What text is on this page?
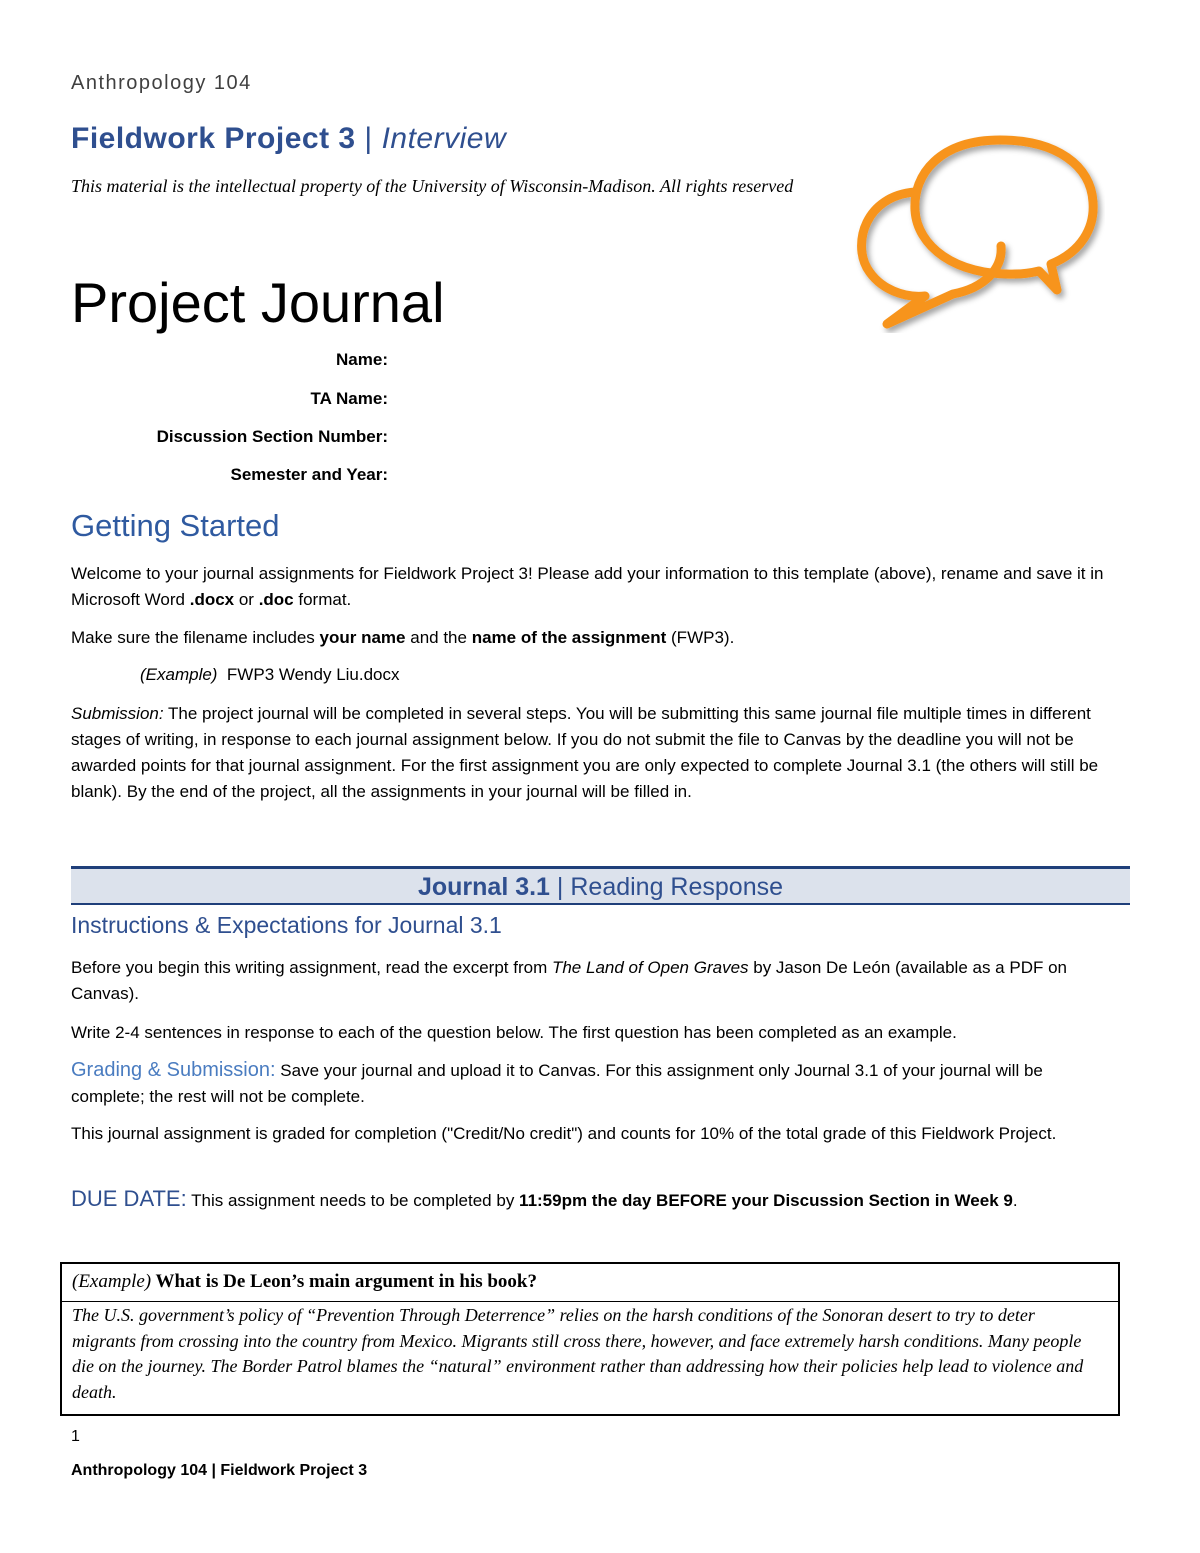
Anthropology 104
Fieldwork Project 3 | Interview
This material is the intellectual property of the University of Wisconsin-Madison. All rights reserved
Project Journal
Name:
TA Name:
Discussion Section Number:
Semester and Year:
Getting Started
Welcome to your journal assignments for Fieldwork Project 3! Please add your information to this template (above), rename and save it in Microsoft Word .docx or .doc format.
Make sure the filename includes your name and the name of the assignment (FWP3).
(Example) FWP3 Wendy Liu.docx
Submission: The project journal will be completed in several steps. You will be submitting this same journal file multiple times in different stages of writing, in response to each journal assignment below. If you do not submit the file to Canvas by the deadline you will not be awarded points for that journal assignment. For the first assignment you are only expected to complete Journal 3.1 (the others will still be blank). By the end of the project, all the assignments in your journal will be filled in.
Journal 3.1 | Reading Response
Instructions & Expectations for Journal 3.1
Before you begin this writing assignment, read the excerpt from The Land of Open Graves by Jason De León (available as a PDF on Canvas).
Write 2-4 sentences in response to each of the question below. The first question has been completed as an example.
Grading & Submission: Save your journal and upload it to Canvas. For this assignment only Journal 3.1 of your journal will be complete; the rest will not be complete.
This journal assignment is graded for completion ("Credit/No credit") and counts for 10% of the total grade of this Fieldwork Project.
DUE DATE: This assignment needs to be completed by 11:59pm the day BEFORE your Discussion Section in Week 9.
(Example) What is De Leon’s main argument in his book?
The U.S. government’s policy of “Prevention Through Deterrence” relies on the harsh conditions of the Sonoran desert to try to deter migrants from crossing into the country from Mexico. Migrants still cross there, however, and face extremely harsh conditions. Many people die on the journey. The Border Patrol blames the “natural” environment rather than addressing how their policies help lead to violence and death.
1
Anthropology 104 | Fieldwork Project 3
